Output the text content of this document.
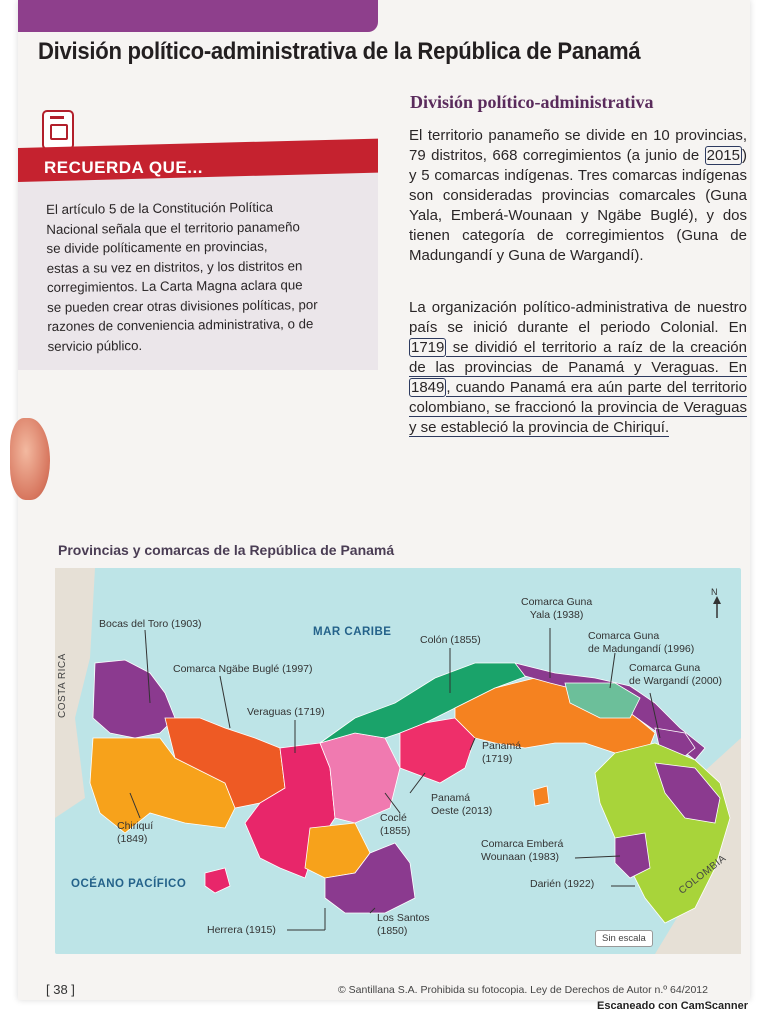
División político-administrativa de la República de Panamá
RECUERDA QUE...
El artículo 5 de la Constitución Política
Nacional señala que el territorio panameño
se divide políticamente en provincias,
estas a su vez en distritos, y los distritos en
corregimientos. La Carta Magna aclara que
se pueden crear otras divisiones políticas, por
razones de conveniencia administrativa, o de
servicio público.
División político-administrativa
El territorio panameño se divide en 10 provincias, 79 distritos, 668 corregimientos (a junio de 2015 ) y 5 comarcas indígenas. Tres comarcas indígenas son consideradas provincias comarcales (Guna Yala, Emberá-Wounaan y Ngäbe Buglé), y dos tienen categoría de corregimientos (Guna de Madungandí y Guna de Wargandí).
La organización político-administrativa de nuestro país se inició durante el periodo Colonial. En 1719 se dividió el territorio a raíz de la creación de las provincias de Panamá y Veraguas. En 1849 , cuando Panamá era aún parte del territorio colombiano, se fraccionó la provincia de Veraguas y se estableció la provincia de Chiriquí.
Provincias y comarcas de la República de Panamá
MAR CARIBE
OCÉANO PACÍFICO
COSTA RICA
COLOMBIA
N
Bocas del Toro (1903)
Comarca Ngäbe Buglé (1997)
Veraguas (1719)
Colón (1855)
Comarca Guna
Yala (1938)
Comarca Guna
de Madungandí (1996)
Comarca Guna
de Wargandí (2000)
Panamá
(1719)
Panamá
Oeste (2013)
Coclé
(1855)
Chiriquí
(1849)	Comarca Emberá
Wounaan (1983)
Darién (1922)
Herrera (1915)
Los Santos
(1850)
Sin escala
[ 38 ]	© Santillana S.A. Prohibida su fotocopia. Ley de Derechos de Autor n.º 64/2012
Escaneado con CamScanner
